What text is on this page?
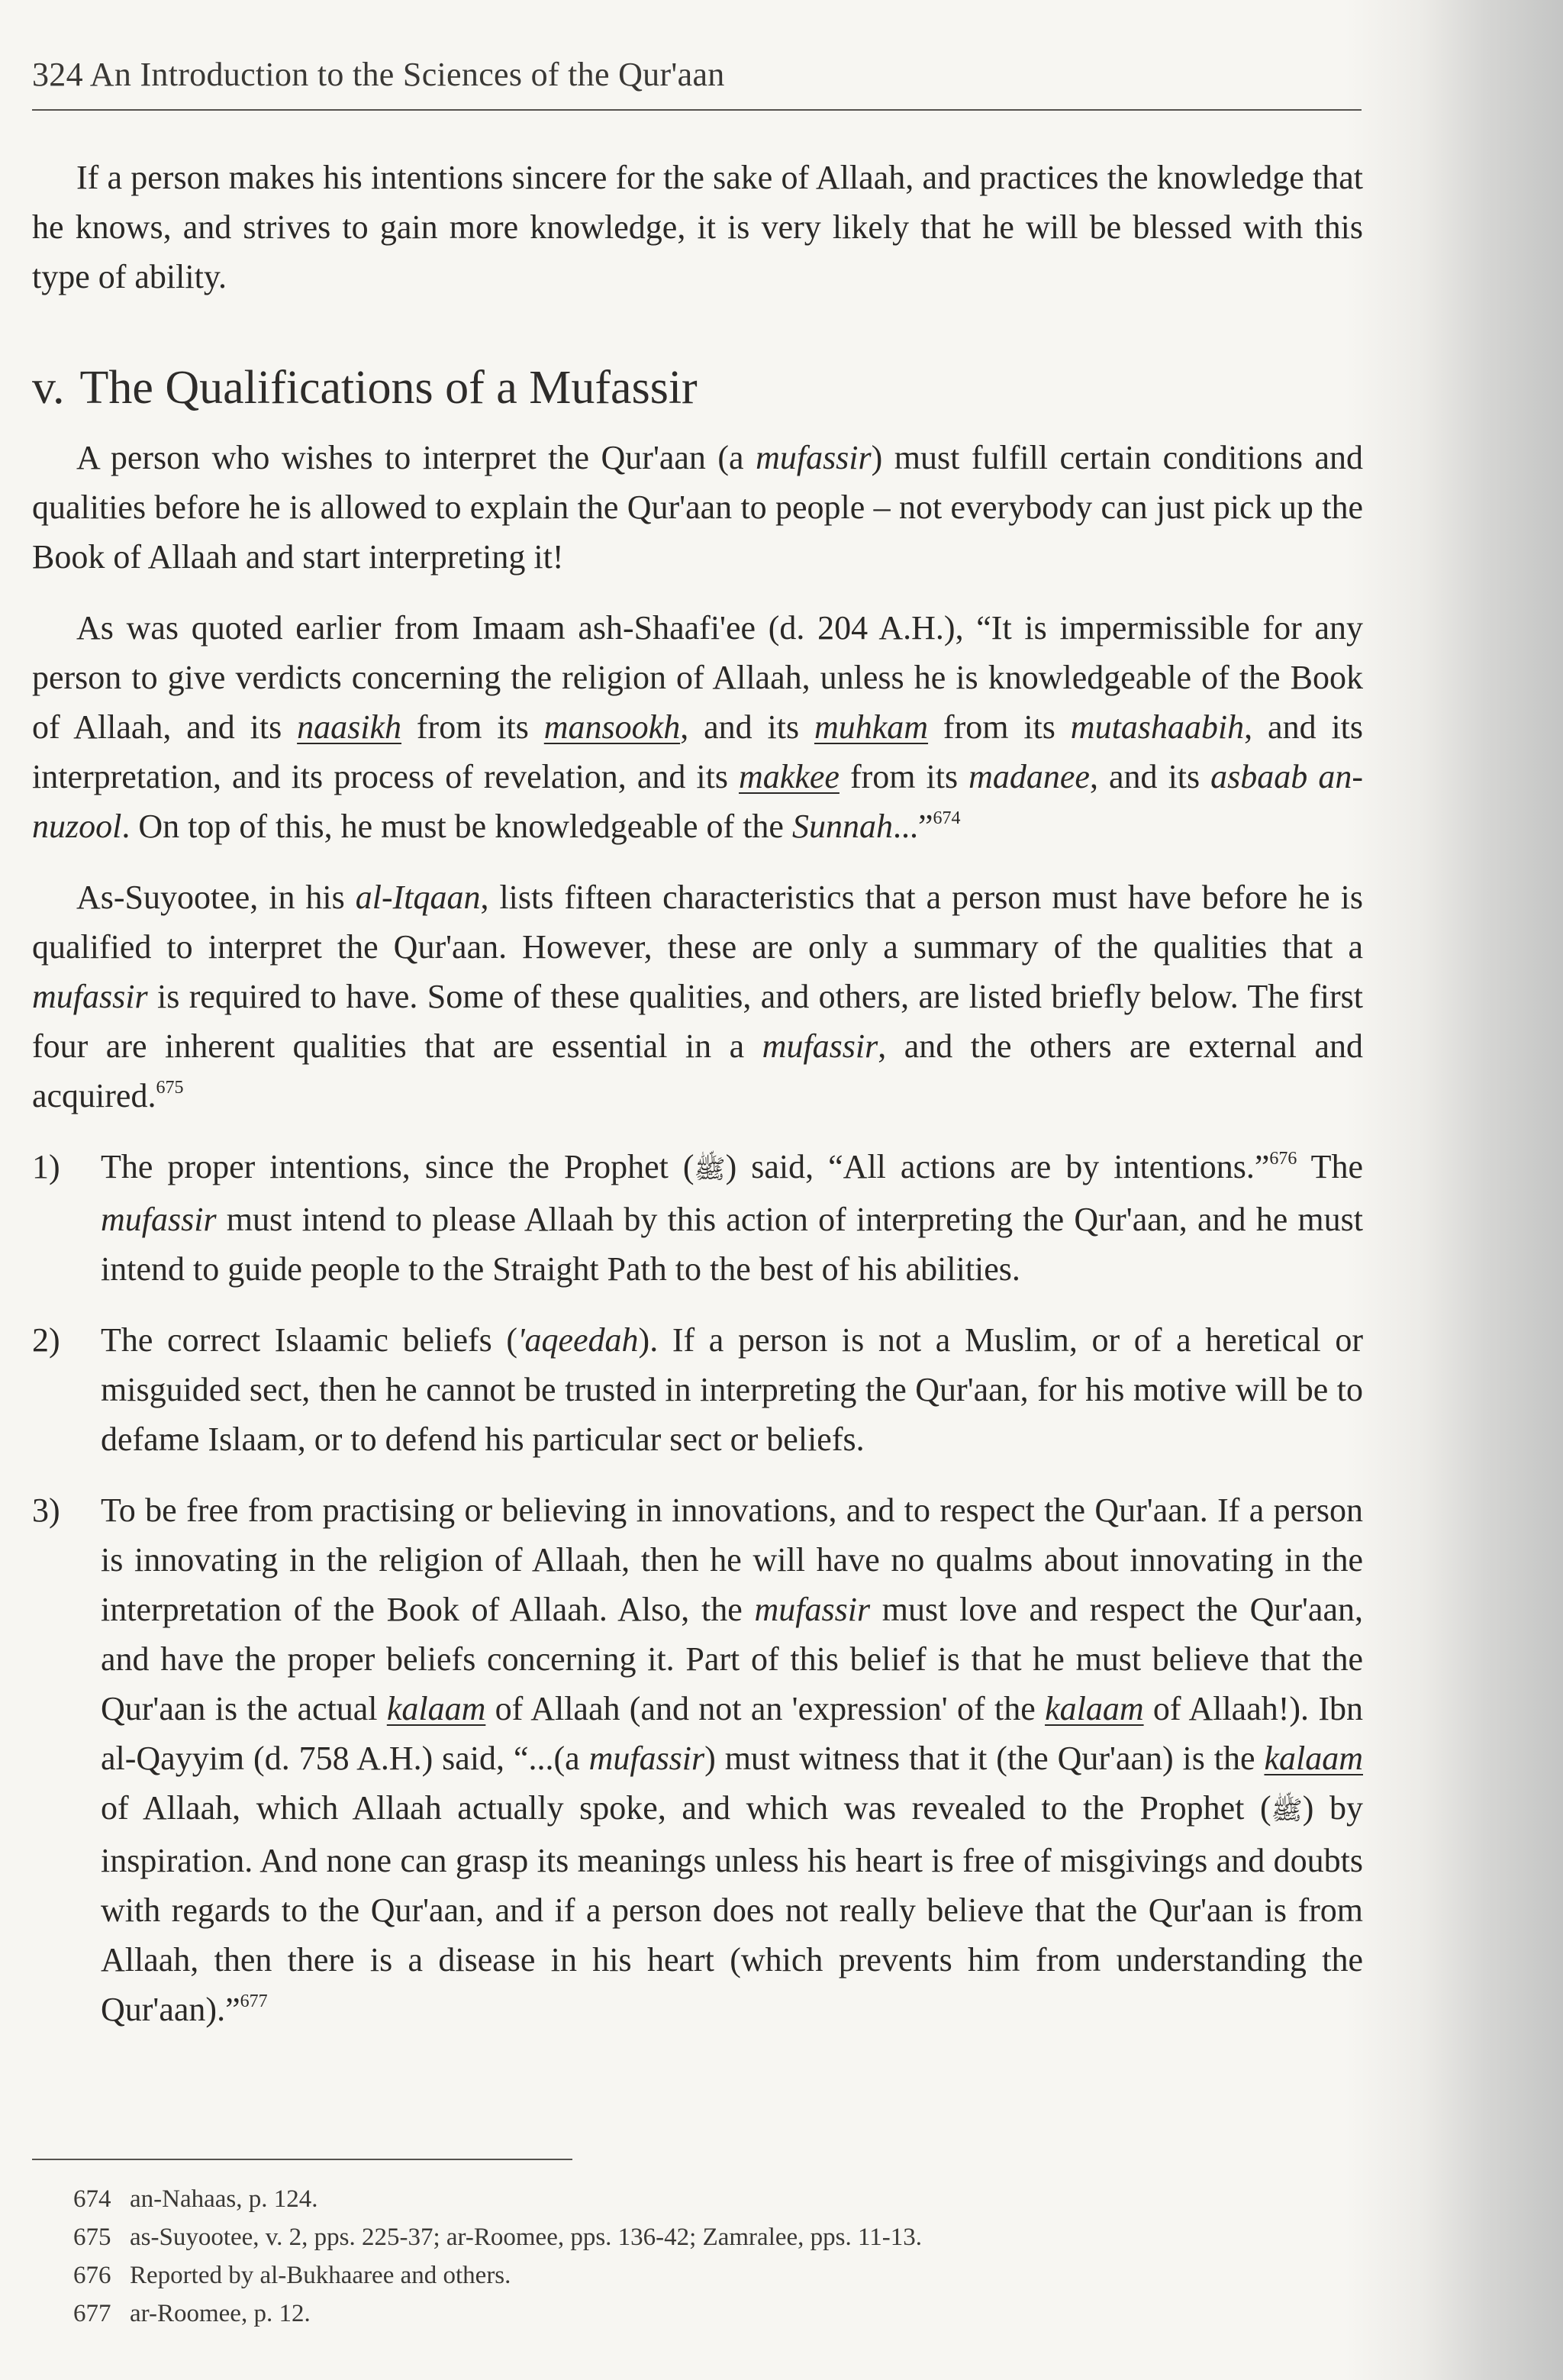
324 An Introduction to the Sciences of the Qur'aan

If a person makes his intentions sincere for the sake of Allaah, and practices the knowledge that he knows, and strives to gain more knowledge, it is very likely that he will be blessed with this type of ability.

v. The Qualifications of a Mufassir

A person who wishes to interpret the Qur'aan (a mufassir) must fulfill certain conditions and qualities before he is allowed to explain the Qur'aan to people – not everybody can just pick up the Book of Allaah and start interpreting it!

As was quoted earlier from Imaam ash-Shaafi'ee (d. 204 A.H.), “It is impermissible for any person to give verdicts concerning the religion of Allaah, unless he is knowledgeable of the Book of Allaah, and its naasikh from its mansookh, and its muhkam from its mutashaabih, and its interpretation, and its process of revelation, and its makkee from its madanee, and its asbaab an-nuzool. On top of this, he must be knowledgeable of the Sunnah...”$^{674}$

As-Suyootee, in his al-Itqaan, lists fifteen characteristics that a person must have before he is qualified to interpret the Qur'aan. However, these are only a summary of the qualities that a mufassir is required to have. Some of these qualities, and others, are listed briefly below. The first four are inherent qualities that are essential in a mufassir, and the others are external and acquired.$^{675}$

1)	The proper intentions, since the Prophet (ﷺ) said, “All actions are by intentions.”$^{676}$ The mufassir must intend to please Allaah by this action of interpreting the Qur'aan, and he must intend to guide people to the Straight Path to the best of his abilities.

2)	The correct Islaamic beliefs ('aqeedah). If a person is not a Muslim, or of a heretical or misguided sect, then he cannot be trusted in interpreting the Qur'aan, for his motive will be to defame Islaam, or to defend his particular sect or beliefs.

3)	To be free from practising or believing in innovations, and to respect the Qur'aan. If a person is innovating in the religion of Allaah, then he will have no qualms about innovating in the interpretation of the Book of Allaah. Also, the mufassir must love and respect the Qur'aan, and have the proper beliefs concerning it. Part of this belief is that he must believe that the Qur'aan is the actual kalaam of Allaah (and not an 'expression' of the kalaam of Allaah!). Ibn al-Qayyim (d. 758 A.H.) said, “...(a mufassir) must witness that it (the Qur'aan) is the kalaam of Allaah, which Allaah actually spoke, and which was revealed to the Prophet (ﷺ) by inspiration. And none can grasp its meanings unless his heart is free of misgivings and doubts with regards to the Qur'aan, and if a person does not really believe that the Qur'aan is from Allaah, then there is a disease in his heart (which prevents him from understanding the Qur'aan).”$^{677}$

674 an-Nahaas, p. 124.

675 as-Suyootee, v. 2, pps. 225-37; ar-Roomee, pps. 136-42; Zamralee, pps. 11-13.

676 Reported by al-Bukhaaree and others.

677 ar-Roomee, p. 12.
